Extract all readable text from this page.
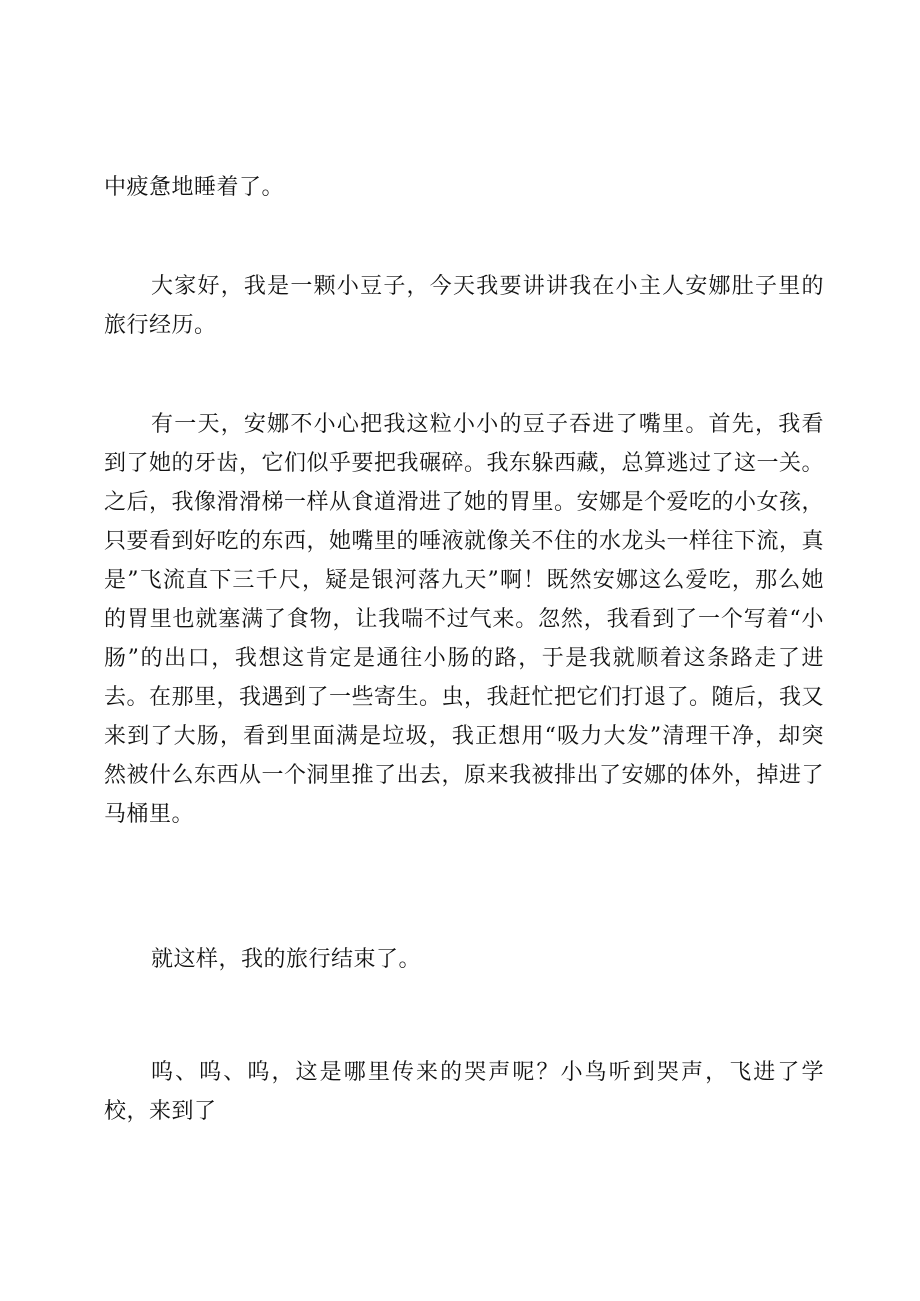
中疲惫地睡着了。

大家好，我是一颗小豆子，今天我要讲讲我在小主人安娜肚子里的旅行经历。

有一天，安娜不小心把我这粒小小的豆子吞进了嘴里。首先，我看到了她的牙齿，它们似乎要把我碾碎。我东躲西藏，总算逃过了这一关。之后，我像滑滑梯一样从食道滑进了她的胃里。安娜是个爱吃的小女孩，只要看到好吃的东西，她嘴里的唾液就像关不住的水龙头一样往下流，真是”飞流直下三千尺，疑是银河落九天”啊！既然安娜这么爱吃，那么她的胃里也就塞满了食物，让我喘不过气来。忽然，我看到了一个写着“小肠”的出口，我想这肯定是通往小肠的路，于是我就顺着这条路走了进去。在那里，我遇到了一些寄生。虫，我赶忙把它们打退了。随后，我又来到了大肠，看到里面满是垃圾，我正想用“吸力大发”清理干净，却突然被什么东西从一个洞里推了出去，原来我被排出了安娜的体外，掉进了马桶里。

就这样，我的旅行结束了。

呜、呜、呜，这是哪里传来的哭声呢？小鸟听到哭声，飞进了学校，来到了
